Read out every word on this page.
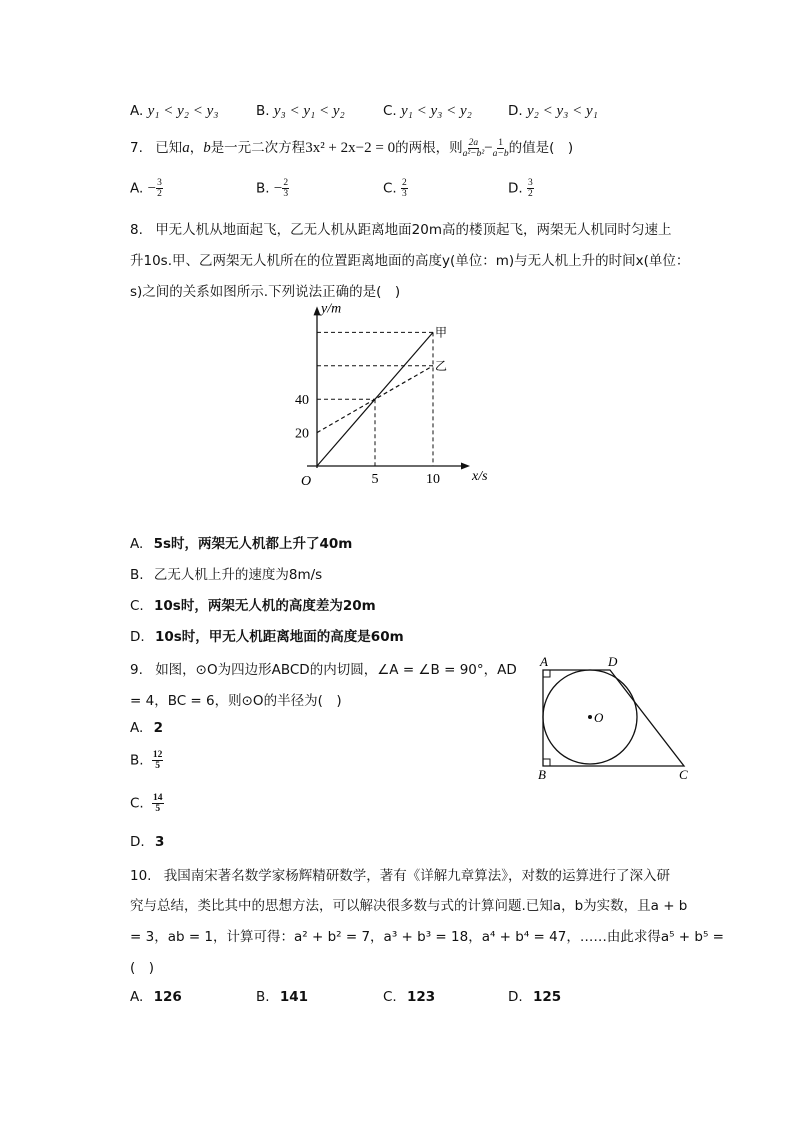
A. y₁ < y₂ < y₃	B. y₃ < y₁ < y₂	C. y₁ < y₃ < y₂	D. y₂ < y₃ < y₁
7. 已知a，b是一元二次方程3x² + 2x−2 = 0的两根，则 $\frac{2a}{\text{a²−b²}} - \frac{1}{a-b}$ 的值是(　)
A. − $\frac{3}{2}$	B. − $\frac{2}{3}$	C. $\frac{2}{3}$	D. $\frac{3}{2}$
8. 甲无人机从地面起飞，乙无人机从距离地面20m高的楼顶起飞，两架无人机同时匀速上
升10s.甲、乙两架无人机所在的位置距离地面的高度y(单位：m)与无人机上升的时间x(单位：
s)之间的关系如图所示.下列说法正确的是(　)
x/s
y/m
O	5	10
20
40
甲
乙
A. 5s时，两架无人机都上升了40m
B. 乙无人机上升的速度为8m/s
C. 10s时，两架无人机的高度差为20m
D. 10s时，甲无人机距离地面的高度是60m
9. 如图，⊙O为四边形ABCD的内切圆，∠A = ∠B = 90°，AD
= 4，BC = 6，则⊙O的半径为(　)
A. 2
B. $\frac{12}{5}$
C. $\frac{14}{5}$
D. 3
A	D
B	C
O
10. 我国南宋著名数学家杨辉精研数学，著有《详解九章算法》，对数的运算进行了深入研
究与总结，类比其中的思想方法，可以解决很多数与式的计算问题.已知a，b为实数，且a + b
= 3，ab = 1，计算可得：a² + b² = 7，a³ + b³ = 18，a⁴ + b⁴ = 47，……由此求得a⁵ + b⁵ =
(　)
A. 126	B. 141	C. 123	D. 125
